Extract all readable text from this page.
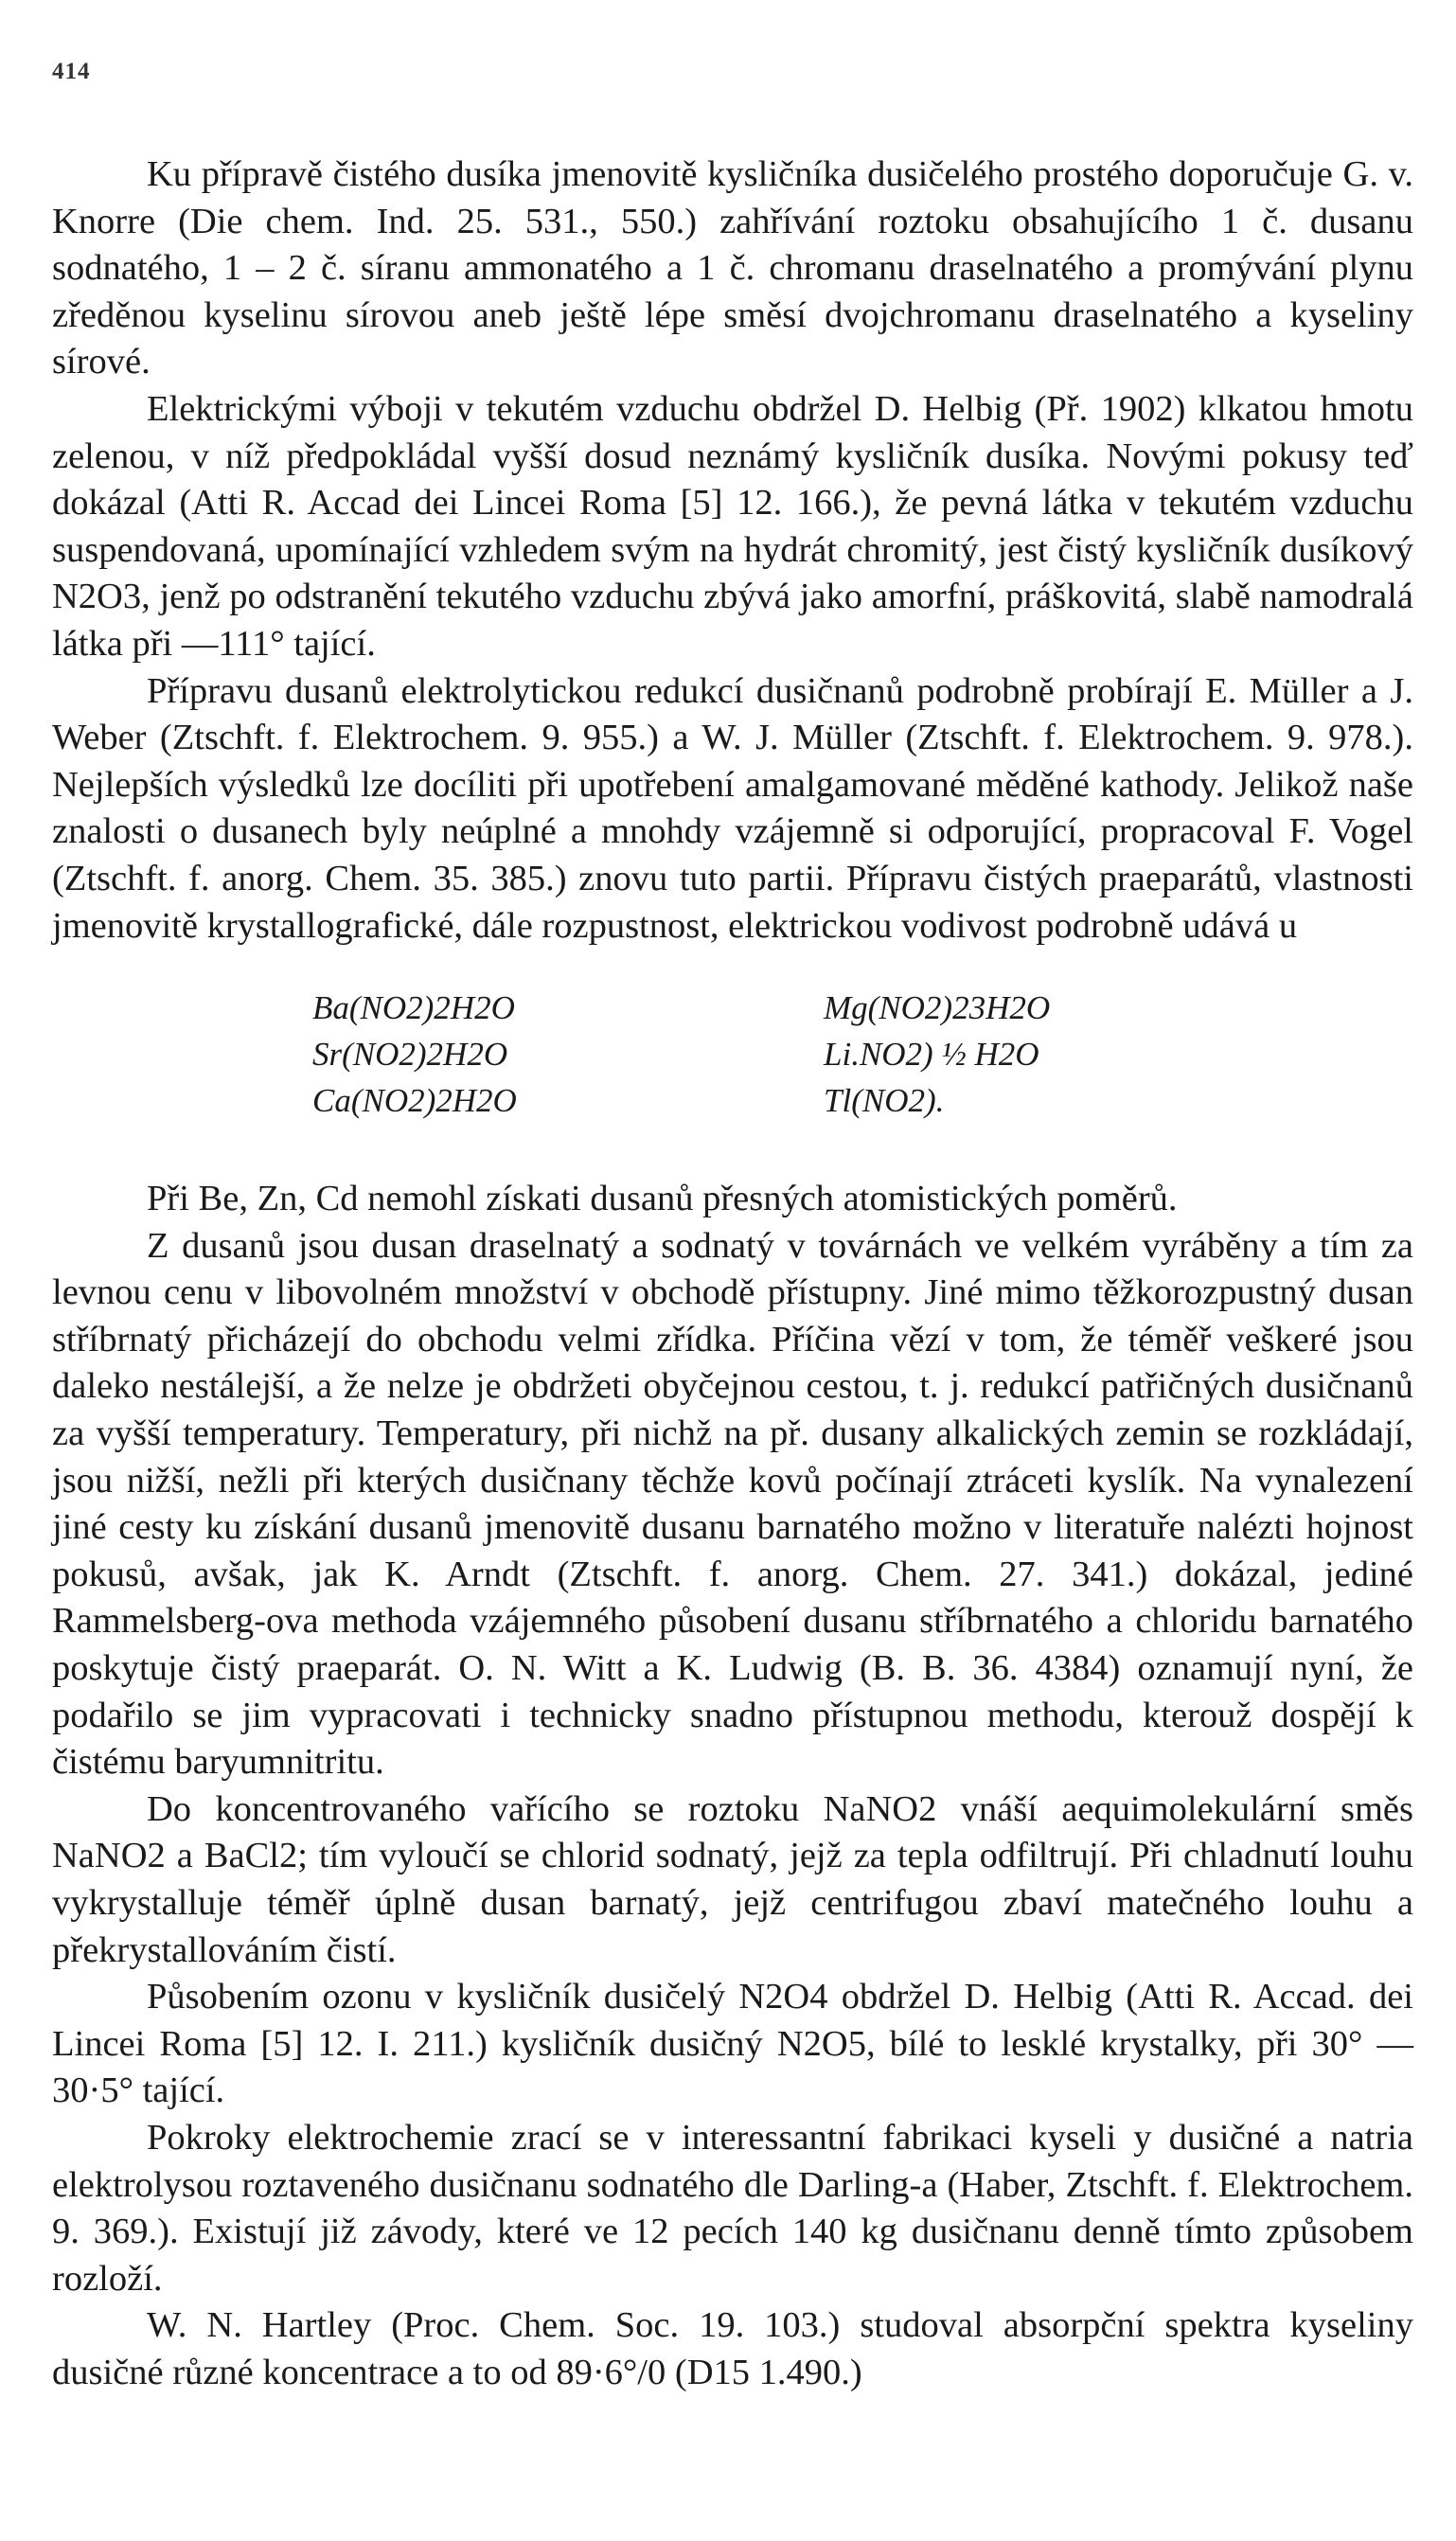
414

Ku přípravě čistého dusíka jmenovitě kysličníka dusičelého prostého doporučuje G. v. Knorre (Die chem. Ind. 25. 531., 550.) zahřívání roztoku obsahujícího 1 č. dusanu sodnatého, 1 – 2 č. síranu ammonatého a 1 č. chromanu draselnatého a promývání plynu zředěnou kyselinu sírovou aneb ještě lépe směsí dvojchromanu draselnatého a kyseliny sírové.

Elektrickými výboji v tekutém vzduchu obdržel D. Helbig (Př. 1902) klkatou hmotu zelenou, v níž předpokládal vyšší dosud neznámý kysličník dusíka. Novými pokusy teď dokázal (Atti R. Accad dei Lincei Roma [5] 12. 166.), že pevná látka v tekutém vzduchu suspendovaná, upomínající vzhledem svým na hydrát chromitý, jest čistý kysličník dusíkový N2O3, jenž po odstranění tekutého vzduchu zbývá jako amorfní, práškovitá, slabě namodralá látka při —111° tající.

Přípravu dusanů elektrolytickou redukcí dusičnanů podrobně probírají E. Müller a J. Weber (Ztschft. f. Elektrochem. 9. 955.) a W. J. Müller (Ztschft. f. Elektrochem. 9. 978.). Nejlepších výsledků lze docíliti při upotřebení amalgamované měděné kathody. Jelikož naše znalosti o dusanech byly neúplné a mnohdy vzájemně si odporující, propracoval F. Vogel (Ztschft. f. anorg. Chem. 35. 385.) znovu tuto partii. Přípravu čistých praeparátů, vlastnosti jmenovitě krystallografické, dále rozpustnost, elektrickou vodivost podrobně udává u

Ba(NO2)2H2O
Sr(NO2)2H2O
Ca(NO2)2H2O
Mg(NO2)23H2O
Li.NO2) ½ H2O
Tl(NO2).

Při Be, Zn, Cd nemohl získati dusanů přesných atomistických poměrů.

Z dusanů jsou dusan draselnatý a sodnatý v továrnách ve velkém vyráběny a tím za levnou cenu v libovolném množství v obchodě přístupny. Jiné mimo těžkorozpustný dusan stříbrnatý přicházejí do obchodu velmi zřídka. Příčina vězí v tom, že téměř veškeré jsou daleko nestálejší, a že nelze je obdržeti obyčejnou cestou, t. j. redukcí patřičných dusičnanů za vyšší temperatury. Temperatury, při nichž na př. dusany alkalických zemin se rozkládají, jsou nižší, nežli při kterých dusičnany těchže kovů počínají ztráceti kyslík. Na vynalezení jiné cesty ku získání dusanů jmenovitě dusanu barnatého možno v literatuře nalézti hojnost pokusů, avšak, jak K. Arndt (Ztschft. f. anorg. Chem. 27. 341.) dokázal, jediné Rammelsberg-ova methoda vzájemného působení dusanu stříbrnatého a chloridu barnatého poskytuje čistý praeparát. O. N. Witt a K. Ludwig (B. B. 36. 4384) oznamují nyní, že podařilo se jim vypracovati i technicky snadno přístupnou methodu, kterouž dospějí k čistému baryumnitritu.

Do koncentrovaného vařícího se roztoku NaNO2 vnáší aequimolekulární směs NaNO2 a BaCl2; tím vyloučí se chlorid sodnatý, jejž za tepla odfiltrují. Při chladnutí louhu vykrystalluje téměř úplně dusan barnatý, jejž centrifugou zbaví matečného louhu a překrystallováním čistí.

Působením ozonu v kysličník dusičelý N2O4 obdržel D. Helbig (Atti R. Accad. dei Lincei Roma [5] 12. I. 211.) kysličník dusičný N2O5, bílé to lesklé krystalky, při 30° — 30·5° tající.

Pokroky elektrochemie zrací se v interessantní fabrikaci kyseli y dusičné a natria elektrolysou roztaveného dusičnanu sodnatého dle Darling-a (Haber, Ztschft. f. Elektrochem. 9. 369.). Existují již závody, které ve 12 pecích 140 kg dusičnanu denně tímto způsobem rozloží.

W. N. Hartley (Proc. Chem. Soc. 19. 103.) studoval absorpční spektra kyseliny dusičné různé koncentrace a to od 89·6°/0 (D15 1.490.)
